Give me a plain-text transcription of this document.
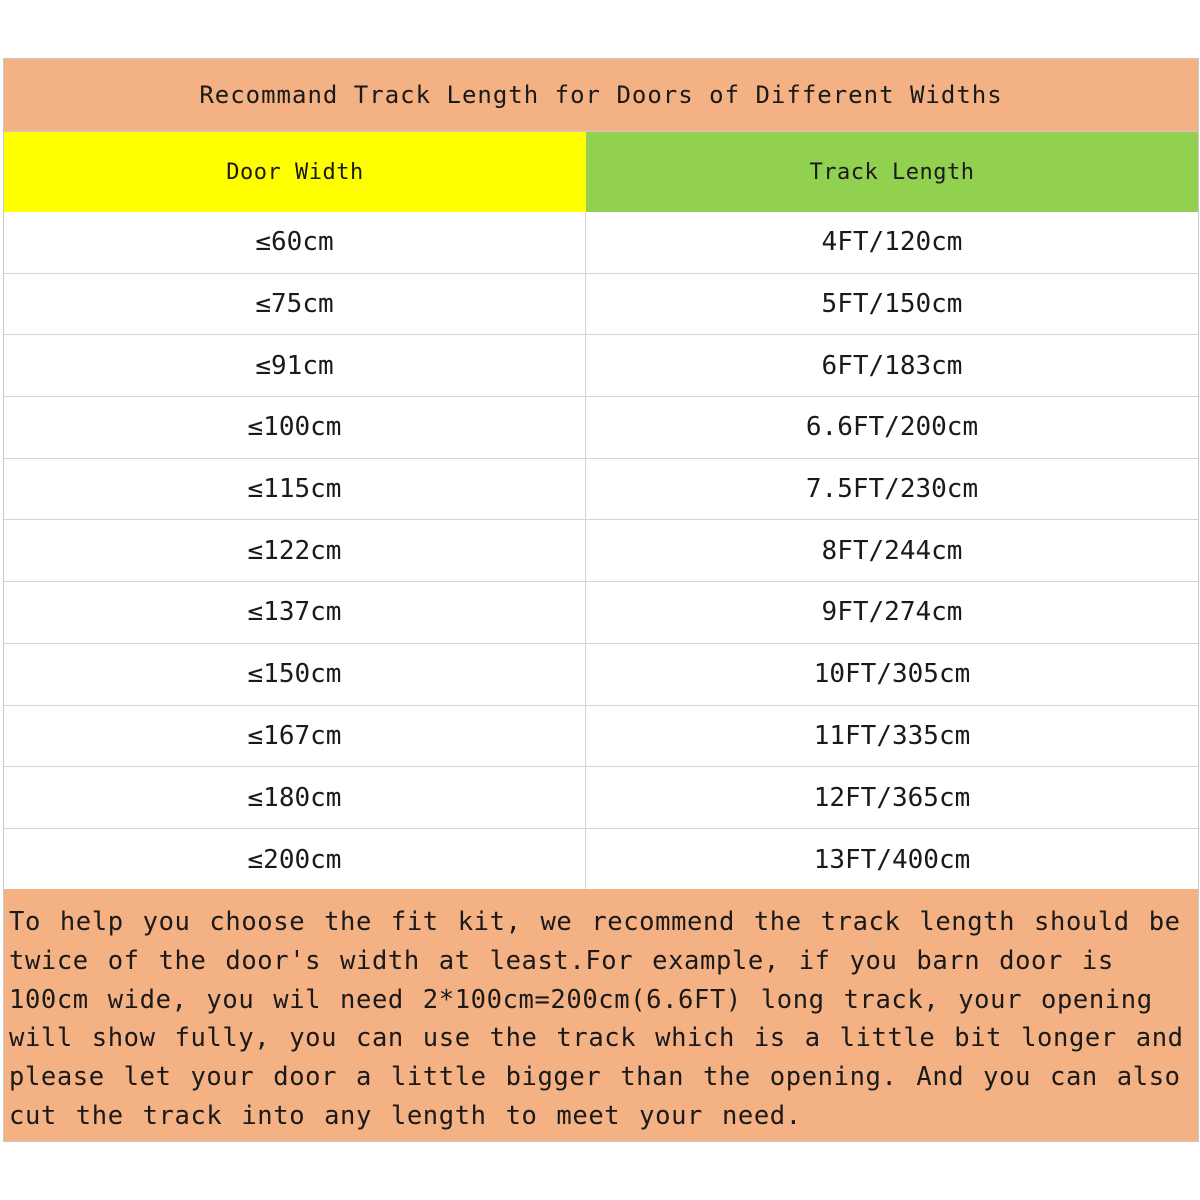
Recommand Track Length for Doors of Different Widths
Door Width	Track Length
≤60cm	4FT/120cm
≤75cm	5FT/150cm
≤91cm	6FT/183cm
≤100cm	6.6FT/200cm
≤115cm	7.5FT/230cm
≤122cm	8FT/244cm
≤137cm	9FT/274cm
≤150cm	10FT/305cm
≤167cm	11FT/335cm
≤180cm	12FT/365cm
≤200cm	13FT/400cm
To help you choose the fit kit, we recommend the track length should be twice of the door's width at least.For example, if you barn door is 100cm wide, you wil need 2*100cm=200cm(6.6FT) long track, your opening will show fully, you can use the track which is a little bit longer and please let your door a little bigger than the opening. And you can also cut the track into any length to meet your need.
